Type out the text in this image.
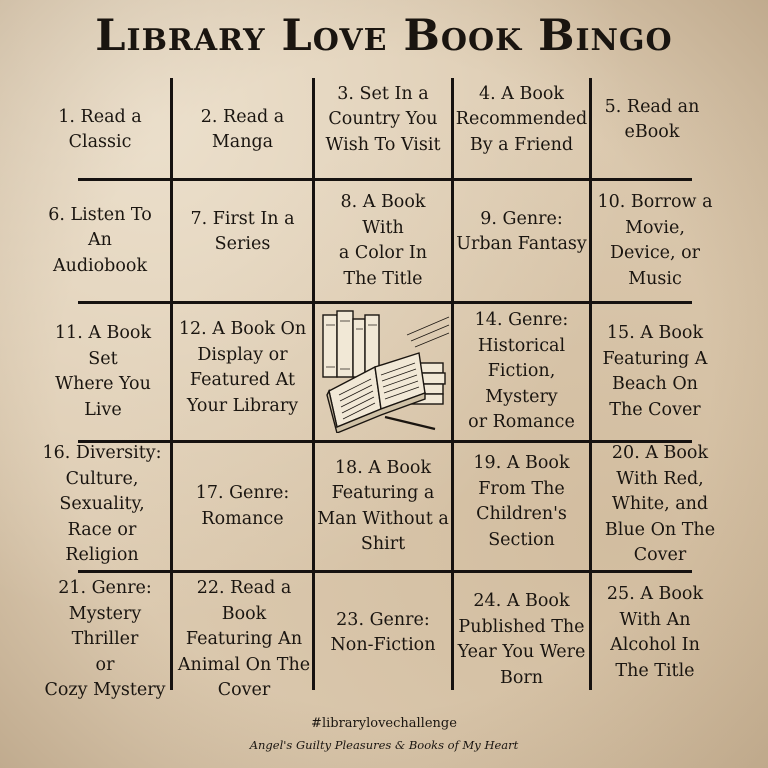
Library Love Book Bingo
1. Read a
Classic
2. Read a
Manga
3. Set In a
Country You
Wish To Visit
4. A Book
Recommended
By a Friend
5. Read an
eBook
6. Listen To
An
Audiobook
7. First In a
Series
8. A Book
With
a Color In
The Title
9. Genre:
Urban Fantasy
10. Borrow a
Movie,
Device, or
Music
11. A Book Set
Where You
Live
12. A Book On
Display or
Featured At
Your Library
14. Genre:
Historical
Fiction,
Mystery
or Romance
15. A Book
Featuring A
Beach On
The Cover
16. Diversity:
Culture,
Sexuality,
Race or
Religion
17. Genre:
Romance
18. A Book
Featuring a
Man Without a
Shirt
19. A Book
From The
Children's
Section
20. A Book
With Red,
White, and
Blue On The
Cover
21. Genre:
Mystery
Thriller
or
Cozy Mystery
22. Read a
Book
Featuring An
Animal On The
Cover
23. Genre:
Non-Fiction
24. A Book
Published The
Year You Were
Born
25. A Book
With An
Alcohol In
The Title
#librarylovechallenge
Angel's Guilty Pleasures & Books of My Heart
